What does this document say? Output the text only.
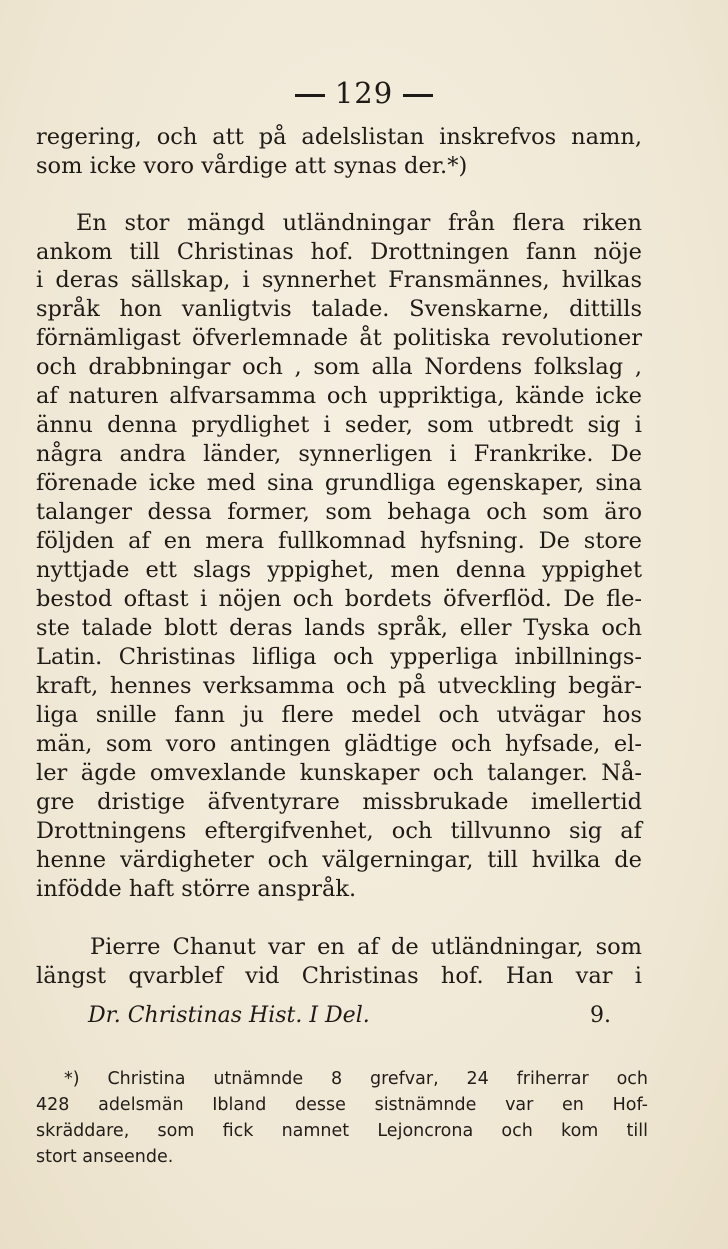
129
regering, och att på adelslistan inskrefvos namn,
som icke voro vårdige att synas der.*)
En stor mängd utländningar från flera riken
ankom till Christinas hof. Drottningen fann nöje
i deras sällskap, i synnerhet Fransmännes, hvilkas
språk hon vanligtvis talade. Svenskarne, dittills
förnämligast öfverlemnade åt politiska revolutioner
och drabbningar och , som alla Nordens folkslag ,
af naturen alfvarsamma och uppriktiga, kände icke
ännu denna prydlighet i seder, som utbredt sig i
några andra länder, synnerligen i Frankrike. De
förenade icke med sina grundliga egenskaper, sina
talanger dessa former, som behaga och som äro
följden af en mera fullkomnad hyfsning. De store
nyttjade ett slags yppighet, men denna yppighet
bestod oftast i nöjen och bordets öfverflöd. De fle-
ste talade blott deras lands språk, eller Tyska och
Latin. Christinas lifliga och ypperliga inbillnings-
kraft, hennes verksamma och på utveckling begär-
liga snille fann ju flere medel och utvägar hos
män, som voro antingen glädtige och hyfsade, el-
ler ägde omvexlande kunskaper och talanger. Nå-
gre dristige äfventyrare missbrukade imellertid
Drottningens eftergifvenhet, och tillvunno sig af
henne värdigheter och välgerningar, till hvilka de
infödde haft större anspråk.
Pierre Chanut var en af de utländningar, som
längst qvarblef vid Christinas hof. Han var i
Dr. Christinas Hist. I Del.	9.
*) Christina utnämnde 8 grefvar, 24 friherrar och
428 adelsmän Ibland desse sistnämnde var en Hof-
skräddare, som fick namnet Lejoncrona och kom till
stort anseende.
